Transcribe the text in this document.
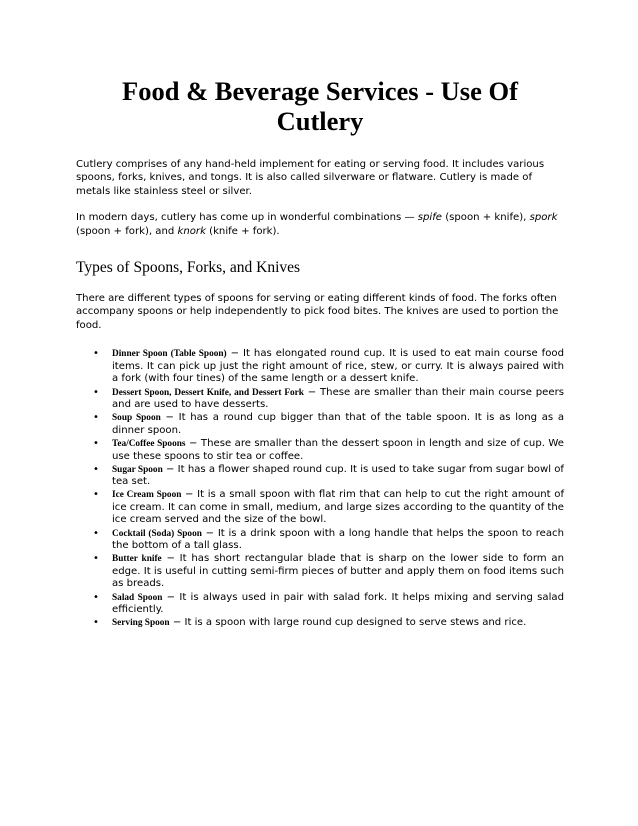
Food & Beverage Services - Use Of Cutlery

Cutlery comprises of any hand-held implement for eating or serving food. It includes various spoons, forks, knives, and tongs. It is also called silverware or flatware. Cutlery is made of metals like stainless steel or silver.

In modern days, cutlery has come up in wonderful combinations — spife (spoon + knife), spork (spoon + fork), and knork (knife + fork).

Types of Spoons, Forks, and Knives

There are different types of spoons for serving or eating different kinds of food. The forks often accompany spoons or help independently to pick food bites. The knives are used to portion the food.

• Dinner Spoon (Table Spoon) − It has elongated round cup. It is used to eat main course food items. It can pick up just the right amount of rice, stew, or curry. It is always paired with a fork (with four tines) of the same length or a dessert knife.
• Dessert Spoon, Dessert Knife, and Dessert Fork − These are smaller than their main course peers and are used to have desserts.
• Soup Spoon − It has a round cup bigger than that of the table spoon. It is as long as a dinner spoon.
• Tea/Coffee Spoons − These are smaller than the dessert spoon in length and size of cup. We use these spoons to stir tea or coffee.
• Sugar Spoon − It has a flower shaped round cup. It is used to take sugar from sugar bowl of tea set.
• Ice Cream Spoon − It is a small spoon with flat rim that can help to cut the right amount of ice cream. It can come in small, medium, and large sizes according to the quantity of the ice cream served and the size of the bowl.
• Cocktail (Soda) Spoon − It is a drink spoon with a long handle that helps the spoon to reach the bottom of a tall glass.
• Butter knife − It has short rectangular blade that is sharp on the lower side to form an edge. It is useful in cutting semi-firm pieces of butter and apply them on food items such as breads.
• Salad Spoon − It is always used in pair with salad fork. It helps mixing and serving salad efficiently.
• Serving Spoon − It is a spoon with large round cup designed to serve stews and rice.
